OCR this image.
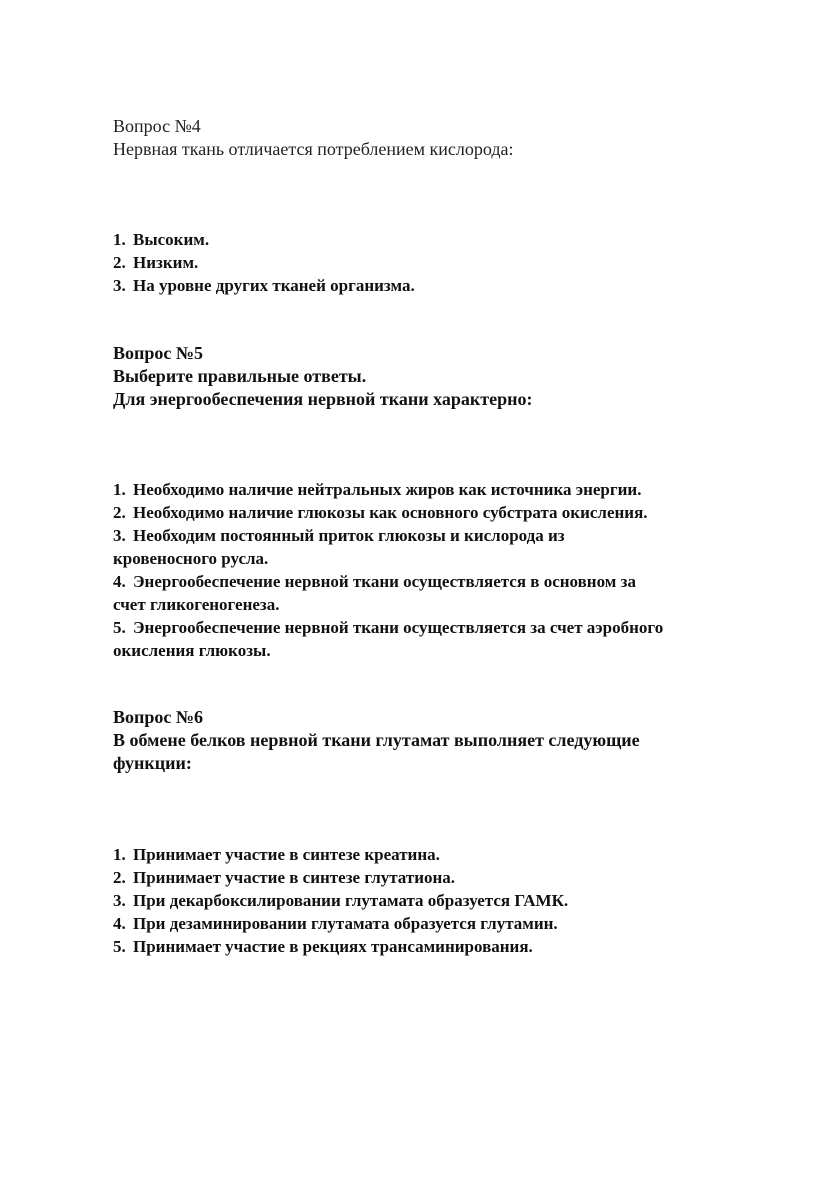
Вопрос №4
Нервная ткань отличается потреблением кислорода:
1. Высоким.
2. Низким.
3. На уровне других тканей организма.
Вопрос №5
Выберите правильные ответы.
Для энергообеспечения нервной ткани характерно:
1. Необходимо наличие нейтральных жиров как источника энергии.
2. Необходимо наличие глюкозы как основного субстрата окисления.
3. Необходим постоянный приток глюкозы и кислорода из
кровеносного русла.
4. Энергообеспечение нервной ткани осуществляется в основном за
счет гликогеногенеза.
5. Энергообеспечение нервной ткани осуществляется за счет аэробного
окисления глюкозы.
Вопрос №6
В обмене белков нервной ткани глутамат выполняет следующие
функции:
1. Принимает участие в синтезе креатина.
2. Принимает участие в синтезе глутатиона.
3. При декарбоксилировании глутамата образуется ГАМК.
4. При дезаминировании глутамата образуется глутамин.
5. Принимает участие в рекциях трансаминирования.
